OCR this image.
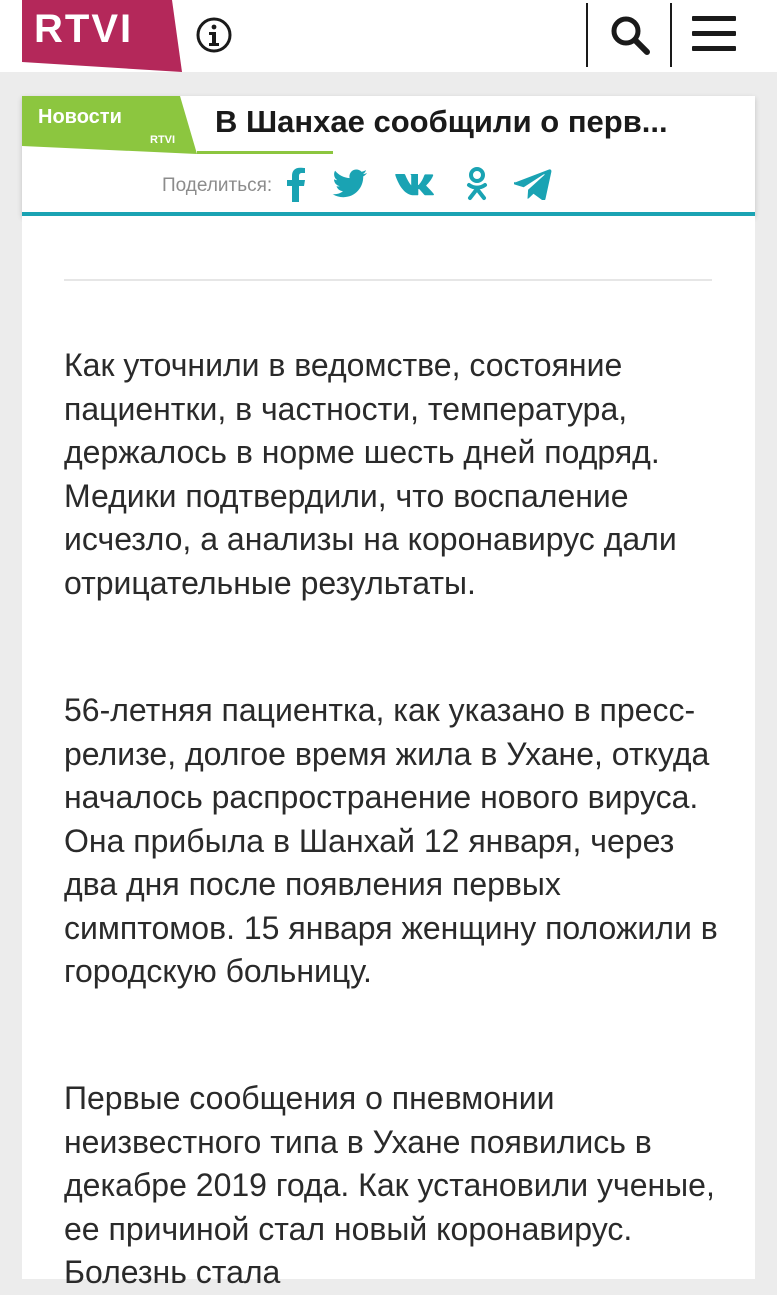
RTVI
Новости
RTVI
В Шанхае сообщили о перв...
Поделиться:

Как уточнили в ведомстве, состояние пациентки, в частности, температура, держалось в норме шесть дней подряд. Медики подтвердили, что воспаление исчезло, а анализы на коронавирус дали отрицательные результаты.

56-летняя пациентка, как указано в пресс-релизе, долгое время жила в Ухане, откуда началось распространение нового вируса. Она прибыла в Шанхай 12 января, через два дня после появления первых симптомов. 15 января женщину положили в городскую больницу.

Первые сообщения о пневмонии неизвестного типа в Ухане появились в декабре 2019 года. Как установили ученые, ее причиной стал новый коронавирус. Болезнь стала
